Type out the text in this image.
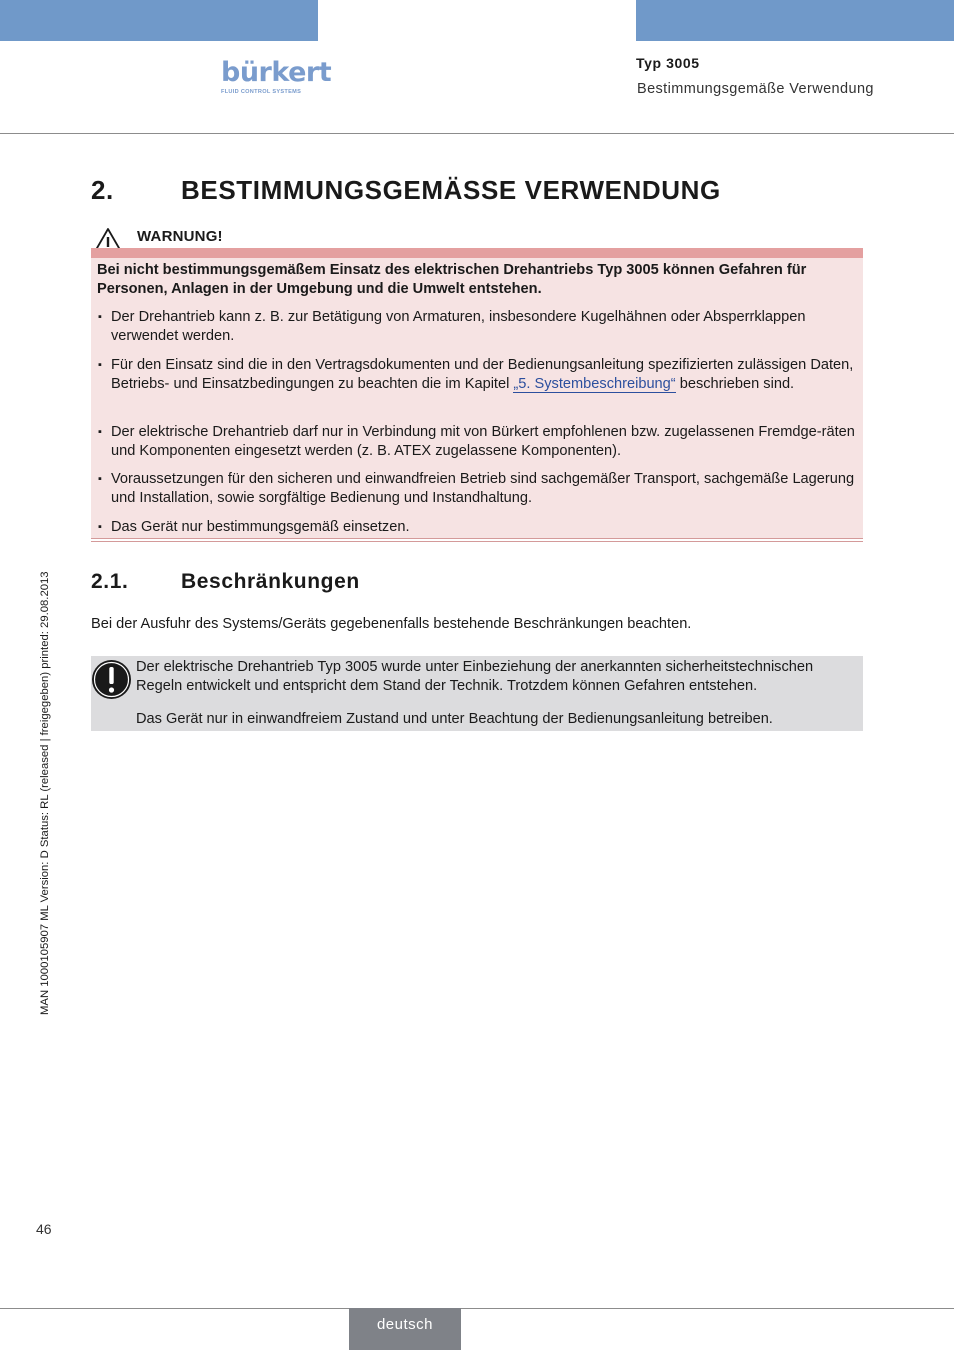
bürkert
FLUID CONTROL SYSTEMS
Typ 3005
Bestimmungsgemäße Verwendung
2.	BESTIMMUNGSGEMÄSSE VERWENDUNG
WARNUNG!
Bei nicht bestimmungsgemäßem Einsatz des elektrischen Drehantriebs Typ 3005 können Gefahren für Personen, Anlagen in der Umgebung und die Umwelt entstehen.
▪ Der Drehantrieb kann z. B. zur Betätigung von Armaturen, insbesondere Kugelhähnen oder Absperrklappen verwendet werden.
▪ Für den Einsatz sind die in den Vertragsdokumenten und der Bedienungsanleitung spezifizierten zulässigen Daten, Betriebs- und Einsatzbedingungen zu beachten die im Kapitel „5. Systembeschreibung“ beschrieben sind.
▪ Der elektrische Drehantrieb darf nur in Verbindung mit von Bürkert empfohlenen bzw. zugelassenen Fremdge-räten und Komponenten eingesetzt werden (z. B. ATEX zugelassene Komponenten).
▪ Voraussetzungen für den sicheren und einwandfreien Betrieb sind sachgemäßer Transport, sachgemäße Lagerung und Installation, sowie sorgfältige Bedienung und Instandhaltung.
▪ Das Gerät nur bestimmungsgemäß einsetzen.
2.1.	Beschränkungen
Bei der Ausfuhr des Systems/Geräts gegebenenfalls bestehende Beschränkungen beachten.
Der elektrische Drehantrieb Typ 3005 wurde unter Einbeziehung der anerkannten sicherheitstechnischen Regeln entwickelt und entspricht dem Stand der Technik. Trotzdem können Gefahren entstehen.
Das Gerät nur in einwandfreiem Zustand und unter Beachtung der Bedienungsanleitung betreiben.
MAN 1000105907 ML Version: D Status: RL (released | freigegeben) printed: 29.08.2013
46
deutsch
